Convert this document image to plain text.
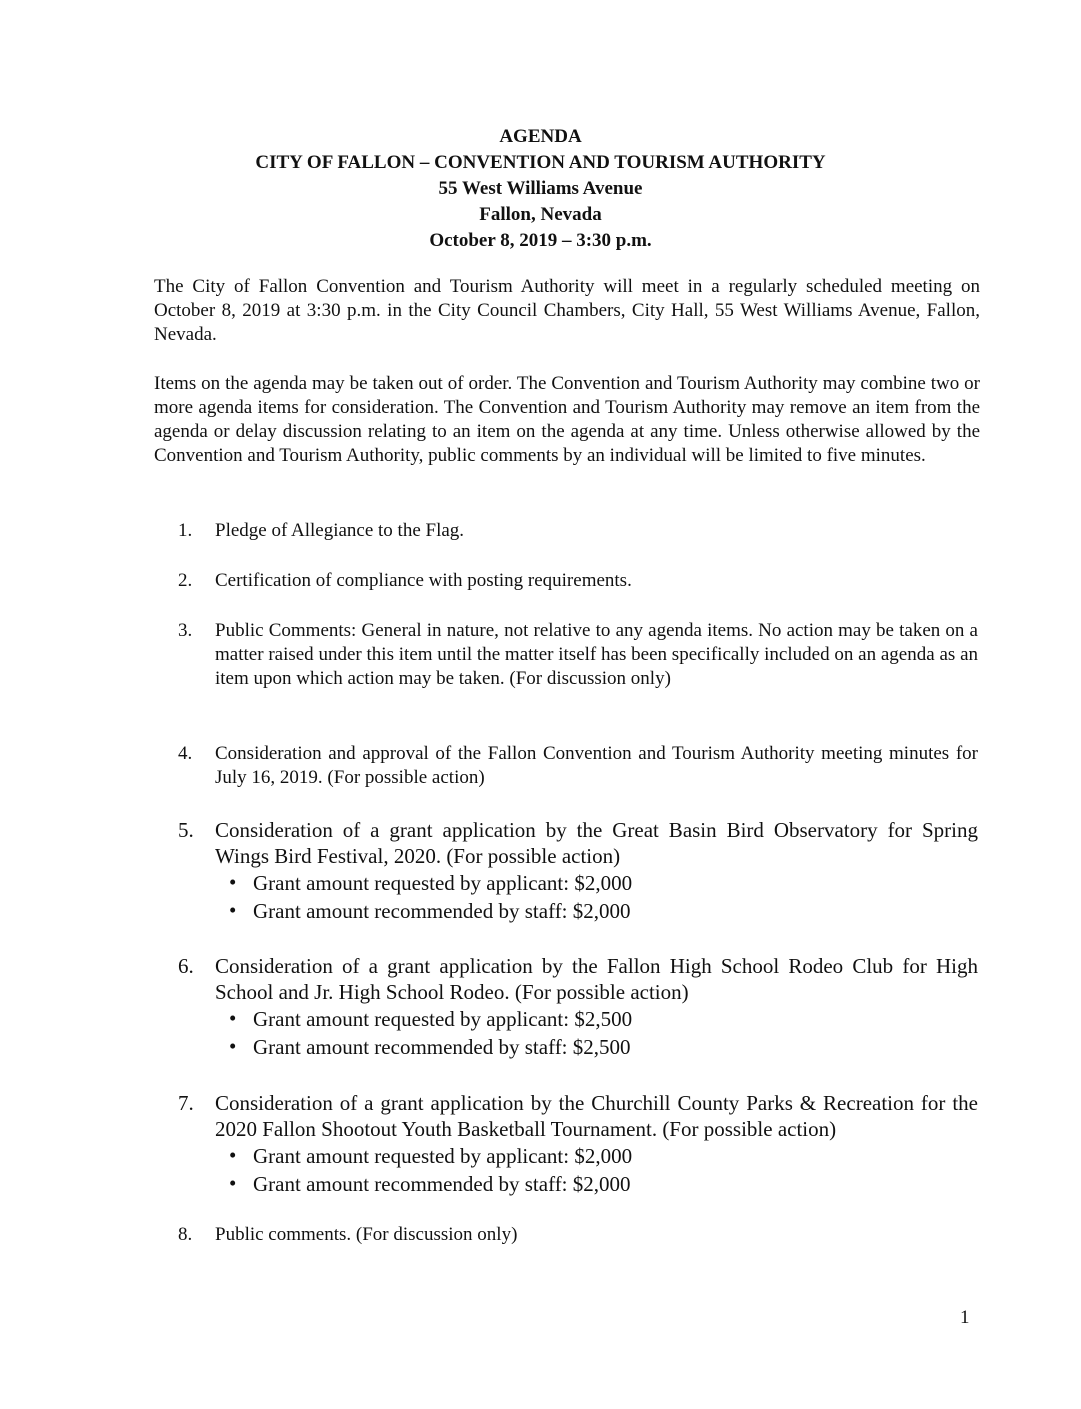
AGENDA
CITY OF FALLON – CONVENTION AND TOURISM AUTHORITY
55 West Williams Avenue
Fallon, Nevada
October 8, 2019 – 3:30 p.m.
The City of Fallon Convention and Tourism Authority will meet in a regularly scheduled meeting on October 8, 2019 at 3:30 p.m. in the City Council Chambers, City Hall, 55 West Williams Avenue, Fallon, Nevada.
Items on the agenda may be taken out of order. The Convention and Tourism Authority may combine two or more agenda items for consideration. The Convention and Tourism Authority may remove an item from the agenda or delay discussion relating to an item on the agenda at any time. Unless otherwise allowed by the Convention and Tourism Authority, public comments by an individual will be limited to five minutes.
1.	Pledge of Allegiance to the Flag.
2.	Certification of compliance with posting requirements.
3.	Public Comments: General in nature, not relative to any agenda items. No action may be taken on a matter raised under this item until the matter itself has been specifically included on an agenda as an item upon which action may be taken. (For discussion only)
4.	Consideration and approval of the Fallon Convention and Tourism Authority meeting minutes for July 16, 2019. (For possible action)
5.	Consideration of a grant application by the Great Basin Bird Observatory for Spring Wings Bird Festival, 2020. (For possible action)
• Grant amount requested by applicant: $2,000
• Grant amount recommended by staff: $2,000
6.	Consideration of a grant application by the Fallon High School Rodeo Club for High School and Jr. High School Rodeo. (For possible action)
• Grant amount requested by applicant: $2,500
• Grant amount recommended by staff: $2,500
7.	Consideration of a grant application by the Churchill County Parks & Recreation for the 2020 Fallon Shootout Youth Basketball Tournament. (For possible action)
• Grant amount requested by applicant: $2,000
• Grant amount recommended by staff: $2,000
8.	Public comments. (For discussion only)
1
